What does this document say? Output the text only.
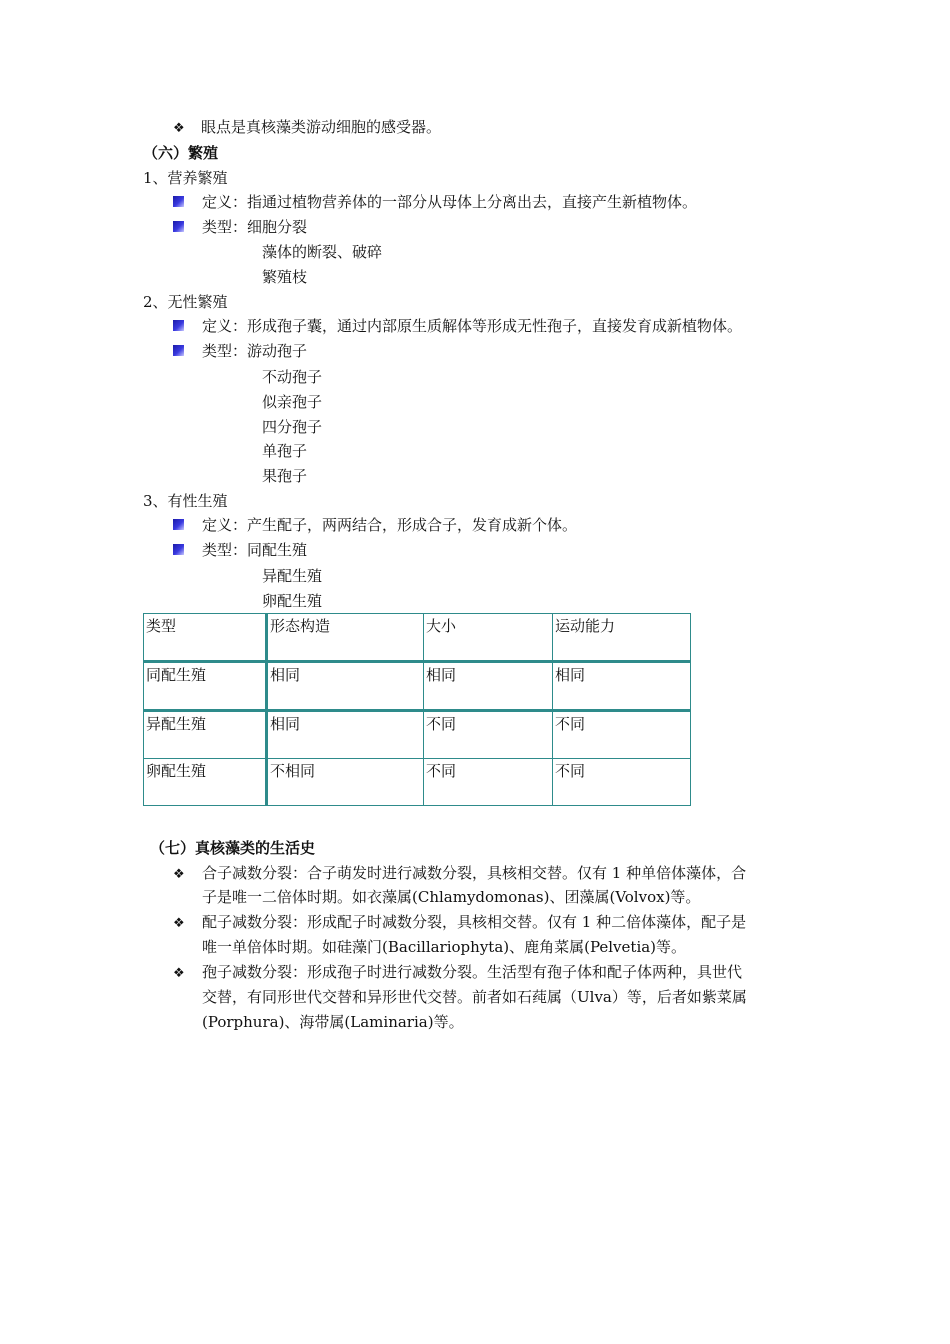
❖ 眼点是真核藻类游动细胞的感受器。
（六）繁殖
1、营养繁殖
定义：指通过植物营养体的一部分从母体上分离出去，直接产生新植物体。
类型：细胞分裂
藻体的断裂、破碎
繁殖枝
2、无性繁殖
定义：形成孢子囊，通过内部原生质解体等形成无性孢子，直接发育成新植物体。
类型：游动孢子
不动孢子
似亲孢子
四分孢子
单孢子
果孢子
3、有性生殖
定义：产生配子，两两结合，形成合子，发育成新个体。
类型：同配生殖
异配生殖
卵配生殖
类型	形态构造	大小	运动能力
同配生殖	相同	相同	相同
异配生殖	相同	不同	不同
卵配生殖	不相同	不同	不同
（七）真核藻类的生活史
❖	合子减数分裂：合子萌发时进行减数分裂，具核相交替。仅有 1 种单倍体藻体，合
子是唯一二倍体时期。如衣藻属(Chlamydomonas)、团藻属(Volvox)等。
❖	配子减数分裂：形成配子时减数分裂，具核相交替。仅有 1 种二倍体藻体，配子是
唯一单倍体时期。如硅藻门(Bacillariophyta)、鹿角菜属(Pelvetia)等。
❖	孢子减数分裂：形成孢子时进行减数分裂。生活型有孢子体和配子体两种，具世代
交替，有同形世代交替和异形世代交替。前者如石莼属（Ulva）等，后者如紫菜属
(Porphura)、海带属(Laminaria)等。
